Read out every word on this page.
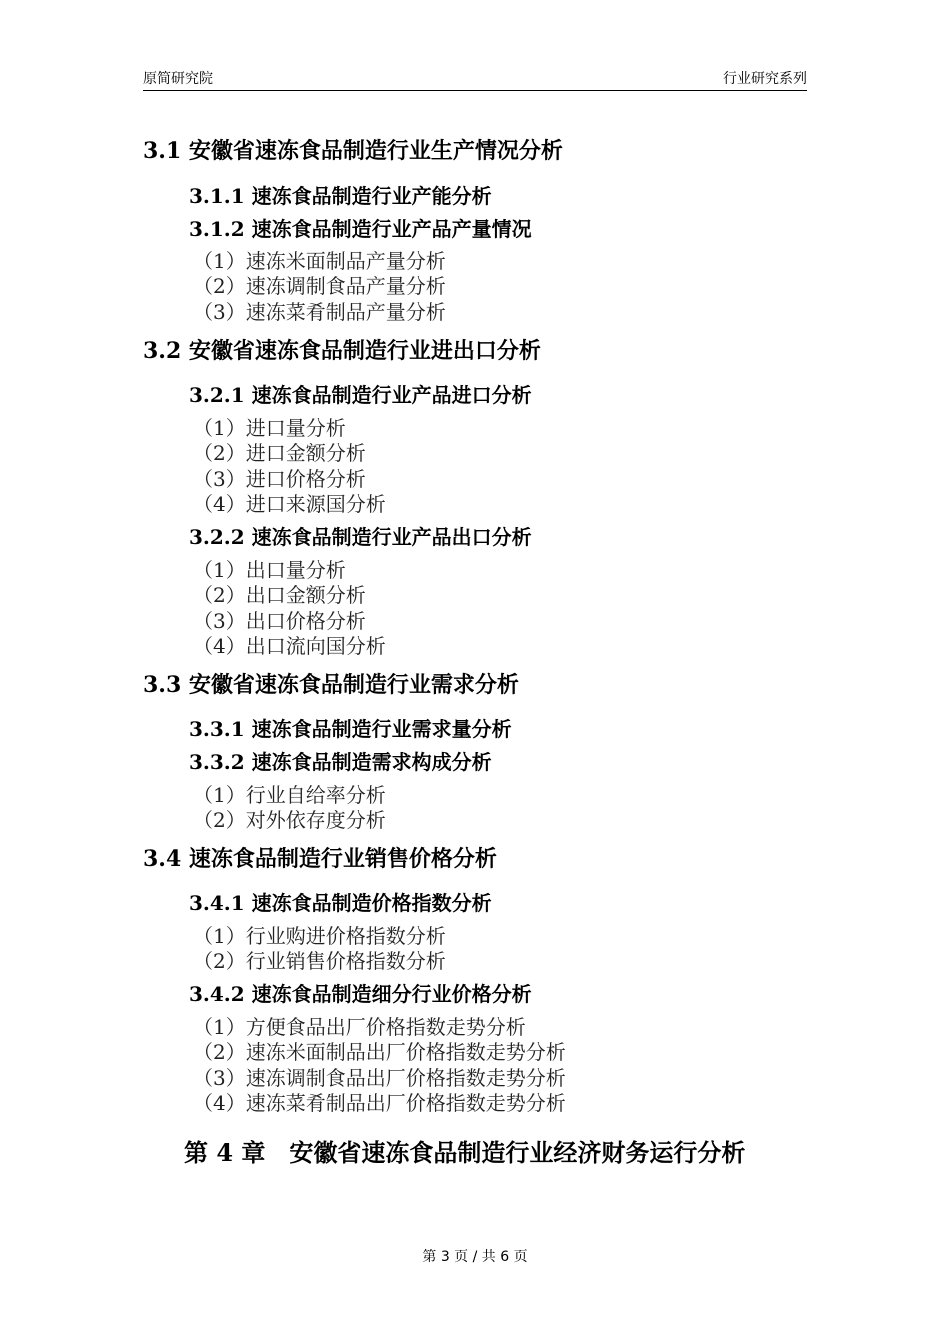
原简研究院	行业研究系列
3.1 安徽省速冻食品制造行业生产情况分析
3.1.1 速冻食品制造行业产能分析
3.1.2 速冻食品制造行业产品产量情况
（1）速冻米面制品产量分析
（2）速冻调制食品产量分析
（3）速冻菜肴制品产量分析
3.2 安徽省速冻食品制造行业进出口分析
3.2.1 速冻食品制造行业产品进口分析
（1）进口量分析
（2）进口金额分析
（3）进口价格分析
（4）进口来源国分析
3.2.2 速冻食品制造行业产品出口分析
（1）出口量分析
（2）出口金额分析
（3）出口价格分析
（4）出口流向国分析
3.3 安徽省速冻食品制造行业需求分析
3.3.1 速冻食品制造行业需求量分析
3.3.2 速冻食品制造需求构成分析
（1）行业自给率分析
（2）对外依存度分析
3.4 速冻食品制造行业销售价格分析
3.4.1 速冻食品制造价格指数分析
（1）行业购进价格指数分析
（2）行业销售价格指数分析
3.4.2 速冻食品制造细分行业价格分析
（1）方便食品出厂价格指数走势分析
（2）速冻米面制品出厂价格指数走势分析
（3）速冻调制食品出厂价格指数走势分析
（4）速冻菜肴制品出厂价格指数走势分析
第 4 章　安徽省速冻食品制造行业经济财务运行分析
第 3 页 / 共 6 页
